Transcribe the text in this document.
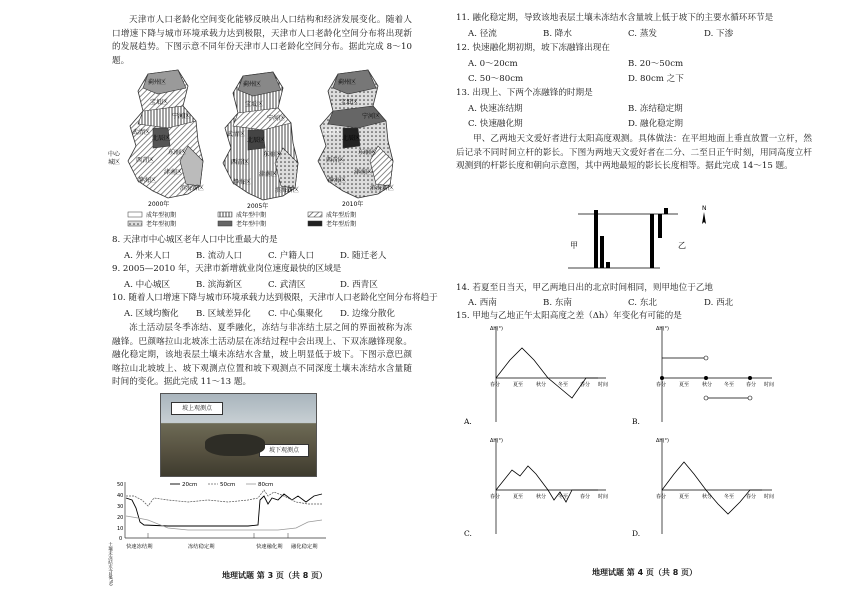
天津市人口老龄化空间变化能够反映出人口结构和经济发展变化。随着人口增速下降与城市环境承载力达到极限，天津市人口老龄化空间分布将出现新的发展趋势。下图示意不同年份天津市人口老龄化空间分布。据此完成 8～10 题。
蓟州区
宝坻区
宁河区
北辰区
东丽区
武清区
西青区
静海区
津南区
滨海新区
中心
城区
2000年
蓟州区
宝坻区
宁河区
武清区
北辰区
东丽区
西青区
静海区
津南区
滨海新区
2005年
蓟州区
宝坻区
宁河区
武清区
北辰区
东丽区
西青区
静海区
津南区
滨海新区
2010年
成年型初期	成年型中期	成年型后期
老年型初期	老年型中期	老年型后期
8. 天津市中心城区老年人口中比重最大的是
A. 外来人口	B. 流动人口	C. 户籍人口	D. 随迁老人
9. 2005—2010 年，天津市新增就业岗位速度最快的区域是
A. 中心城区	B. 滨海新区	C. 武清区	D. 西青区
10. 随着人口增速下降与城市环境承载力达到极限，天津市人口老龄化空间分布将趋于
A. 区域均衡化 B. 区域差异化 C. 中心集聚化 D. 边缘分散化
冻土活动层冬季冻结、夏季融化，冻结与非冻结土层之间的界面被称为冻融锋。巴颜喀拉山北坡冻土活动层在冻结过程中会出现上、下双冻融锋现象。融化稳定期，该地表层土壤未冻结水含量，坡上明显低于坡下。下图示意巴颜喀拉山北坡坡上、坡下观测点位置和坡下观测点不同深度土壤未冻结水含量随时间的变化。据此完成 11～13 题。
坡上观测点
坡下观测点
土壤未冻结水含量(%)
50
40
30
20
10
0
20cm	50cm	80cm
快速冻结期	冻结稳定期	快速融化期 融化稳定期
地理试题 第 3 页（共 8 页）
11. 融化稳定期，导致该地表层土壤未冻结水含量坡上低于坡下的主要水循环环节是
A. 径流	B. 降水	C. 蒸发	D. 下渗
12. 快速融化期初期，坡下冻融锋出现在
A. 0～20cm	B. 20～50cm
C. 50～80cm	D. 80cm 之下
13. 出现上、下两个冻融锋的时期是
A. 快速冻结期	B. 冻结稳定期
C. 快速融化期	D. 融化稳定期
甲、乙两地天文爱好者进行太阳高度观测。具体做法：在平坦地面上垂直放置一立杆，然后记录不同时间立杆的影长。下图为两地天文爱好者在二分、二至日正午时刻，用同高度立杆观测到的杆影长度和朝向示意图，其中两地最短的影长长度相等。据此完成 14～15 题。
甲	乙
N
14. 若夏至日当天，甲乙两地日出的北京时间相同，则甲地位于乙地
A. 西南	B. 东南	C. 东北	D. 西北
15. 甲地与乙地正午太阳高度之差（Δh）年变化有可能的是
Δh(°)
春分	夏至	秋分 冬至 春分 时间
A.
Δh(°)
春分	夏至	秋分 冬至 春分 时间
B.
Δh(°)
春分	夏至	秋分 冬至 春分 时间
C.
Δh(°)
春分	夏至	秋分 冬至 春分 时间
D.
地理试题 第 4 页（共 8 页）
